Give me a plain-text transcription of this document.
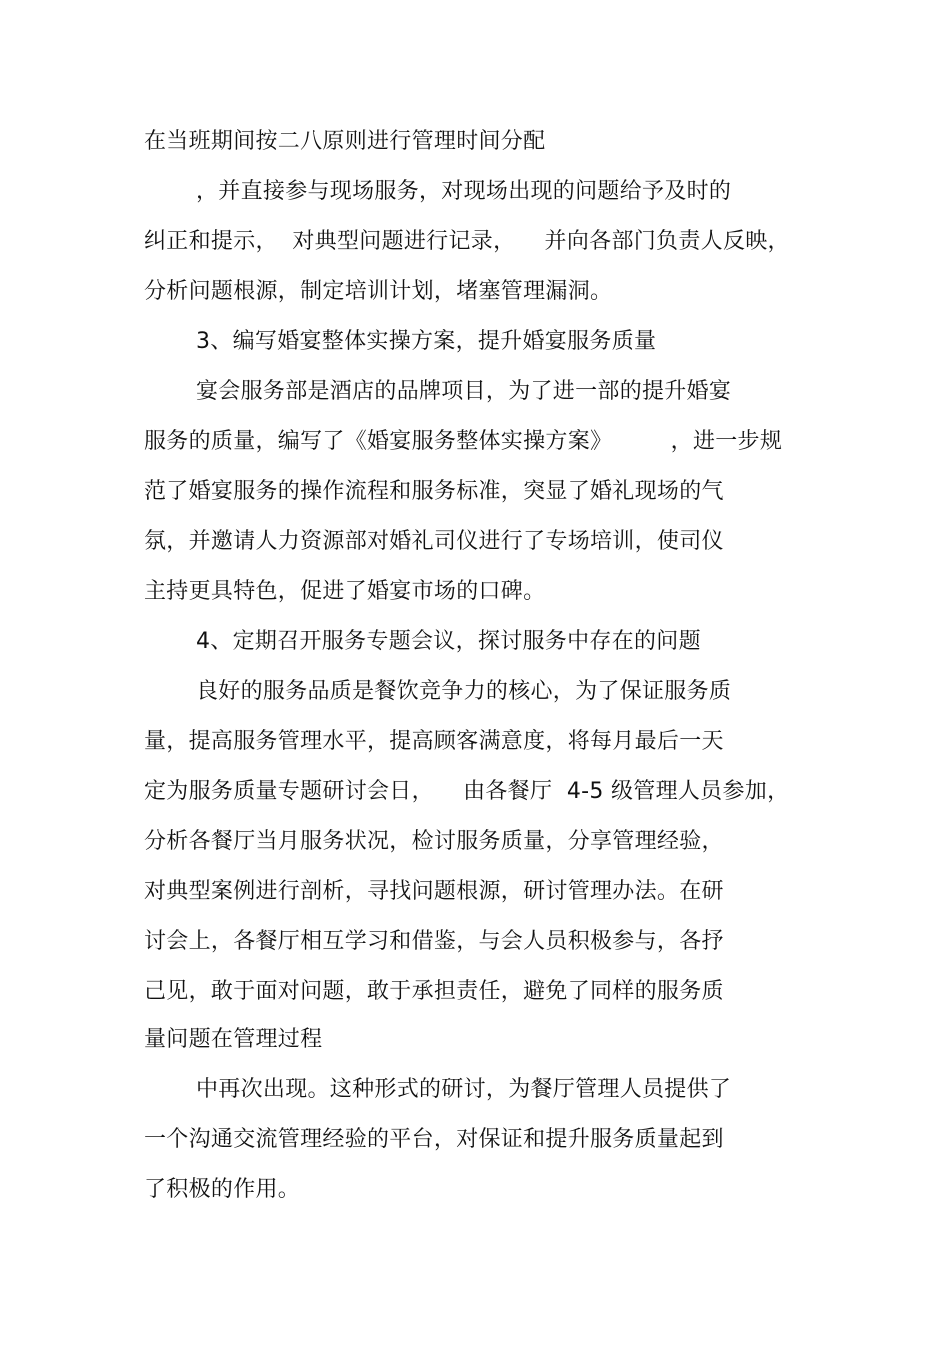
在当班期间按二八原则进行管理时间分配
，并直接参与现场服务，对现场出现的问题给予及时的
纠正和提示，  对典型问题进行记录，    并向各部门负责人反映，
分析问题根源，制定培训计划，堵塞管理漏洞。
3、编写婚宴整体实操方案，提升婚宴服务质量
宴会服务部是酒店的品牌项目，为了进一部的提升婚宴
服务的质量，编写了《婚宴服务整体实操方案》        ，进一步规
范了婚宴服务的操作流程和服务标准，突显了婚礼现场的气
氛，并邀请人力资源部对婚礼司仪进行了专场培训，使司仪
主持更具特色，促进了婚宴市场的口碑。
4、定期召开服务专题会议，探讨服务中存在的问题
良好的服务品质是餐饮竞争力的核心，为了保证服务质
量，提高服务管理水平，提高顾客满意度，将每月最后一天
定为服务质量专题研讨会日，    由各餐厅  4-5 级管理人员参加，
分析各餐厅当月服务状况，检讨服务质量，分享管理经验，
对典型案例进行剖析，寻找问题根源，研讨管理办法。在研
讨会上，各餐厅相互学习和借鉴，与会人员积极参与，各抒
己见，敢于面对问题，敢于承担责任，避免了同样的服务质
量问题在管理过程
中再次出现。这种形式的研讨，为餐厅管理人员提供了
一个沟通交流管理经验的平台，对保证和提升服务质量起到
了积极的作用。
